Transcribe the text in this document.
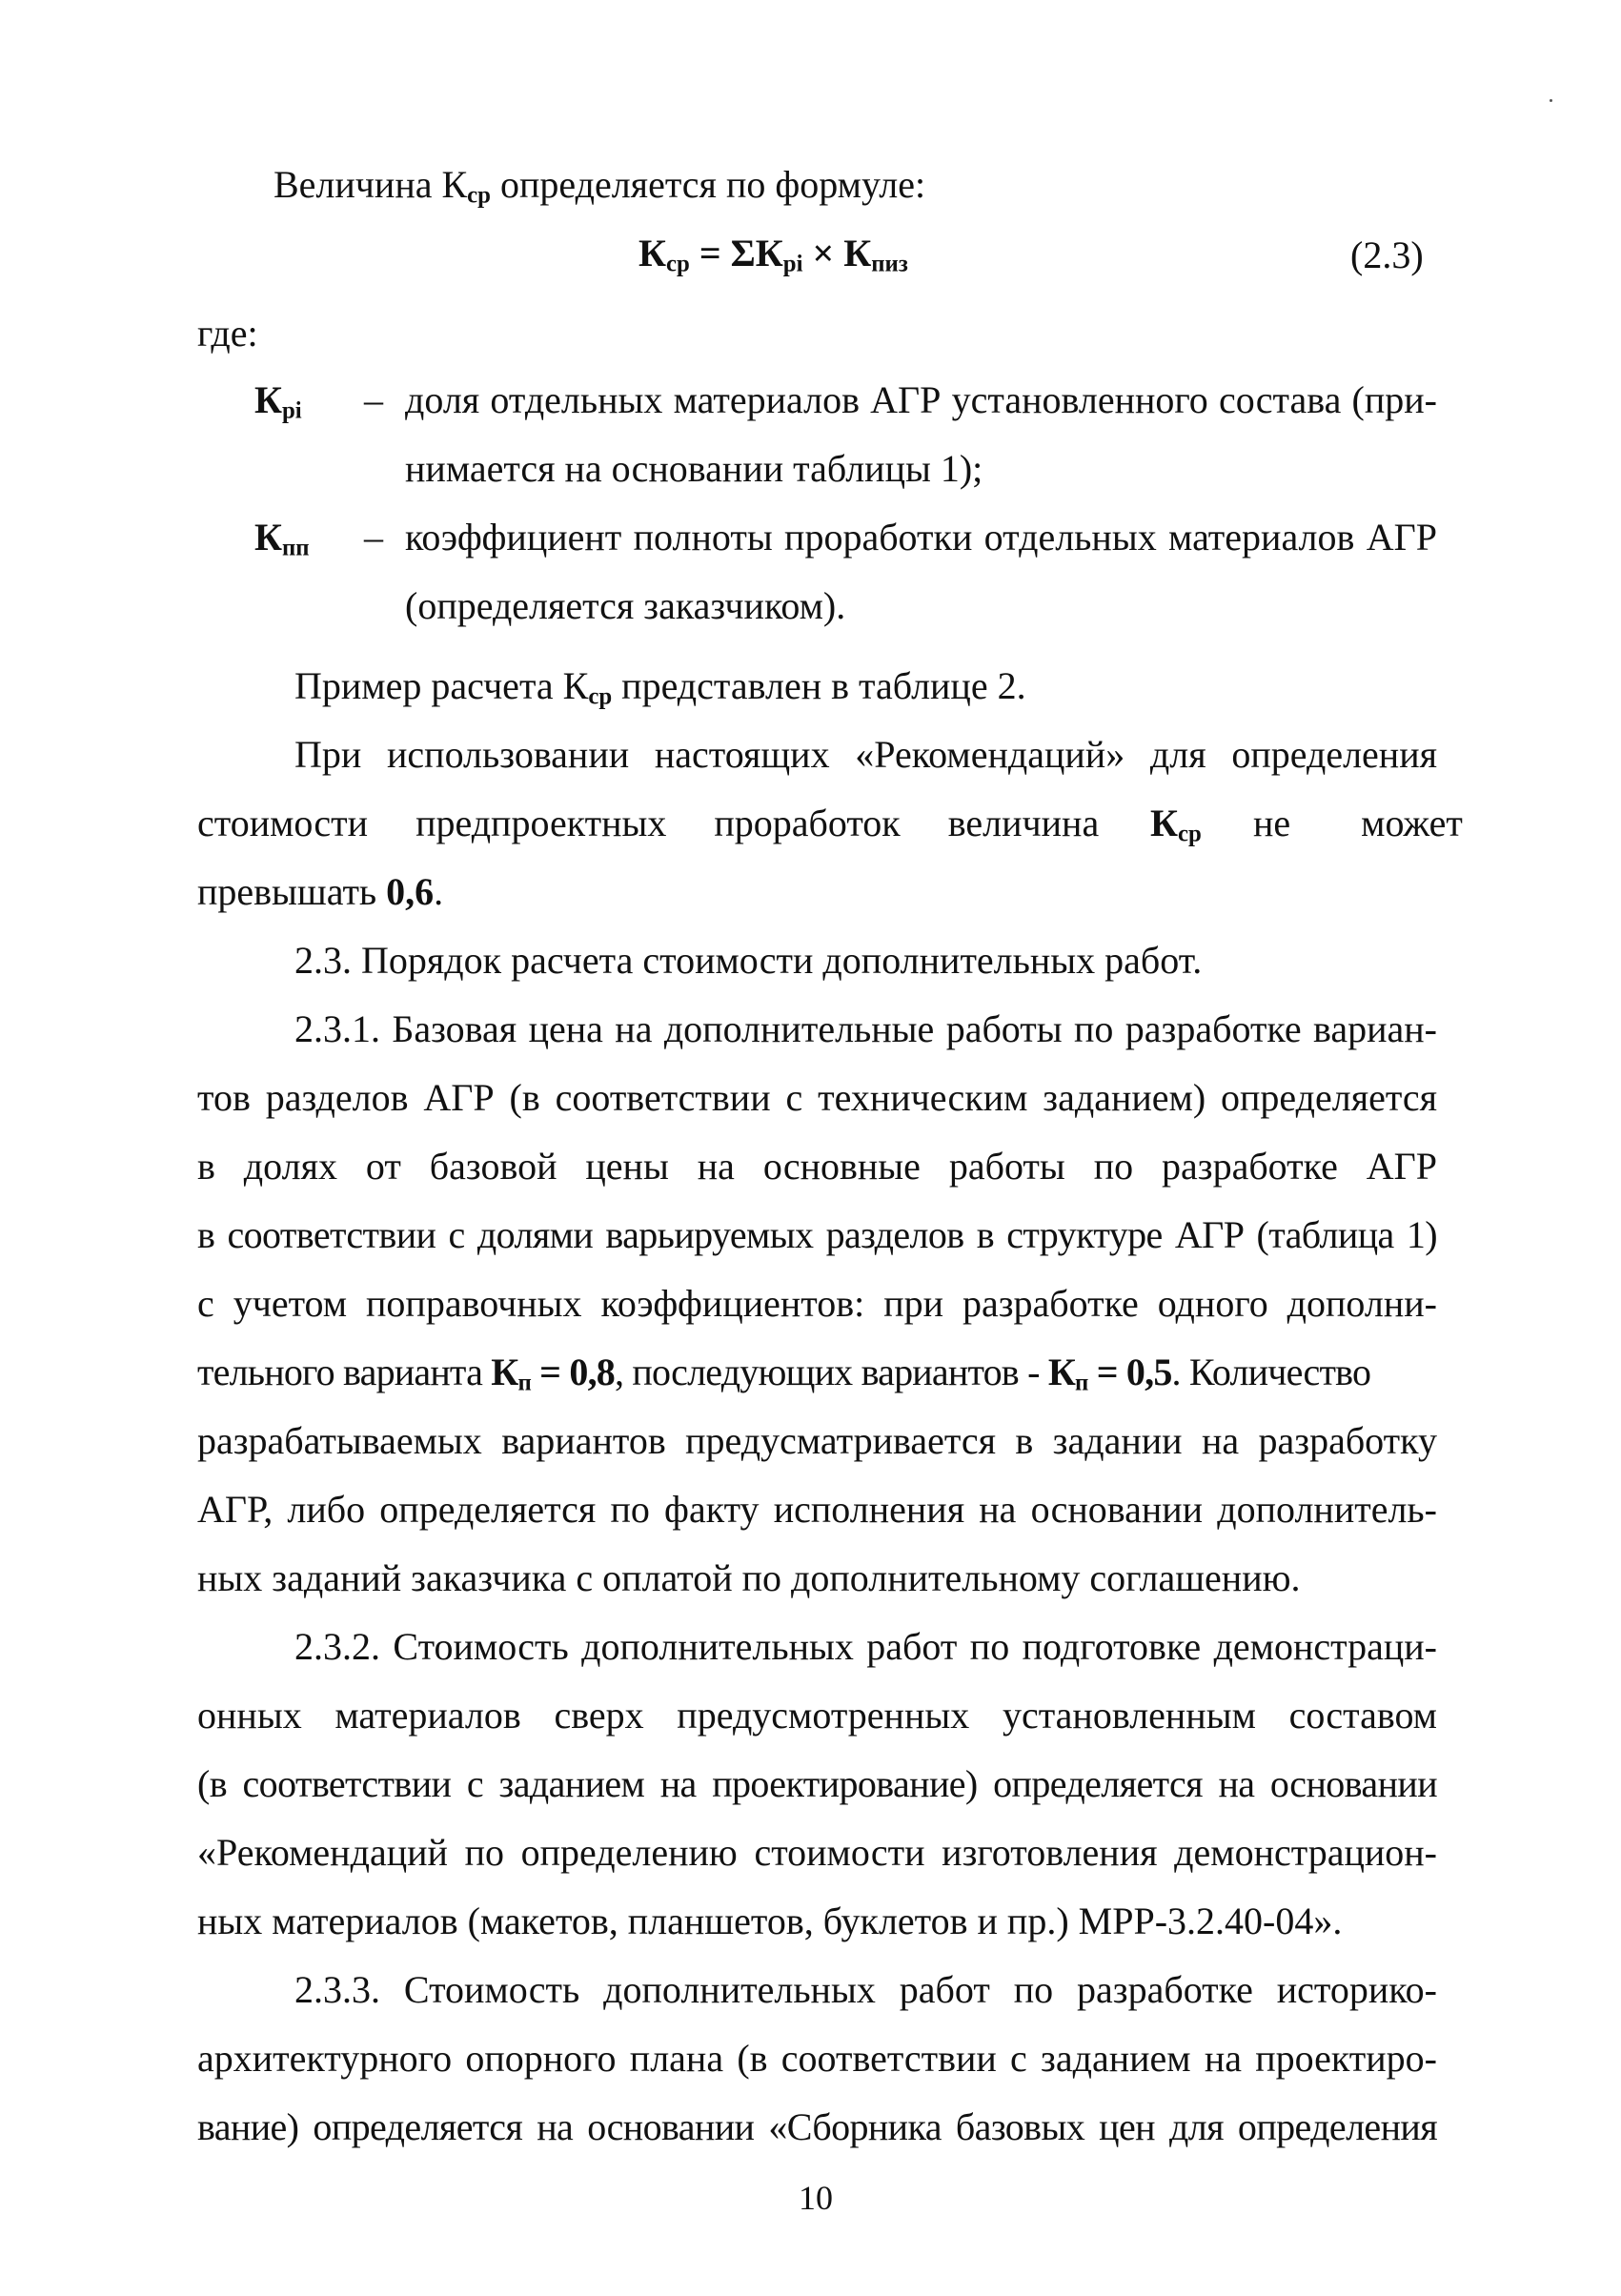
Величина $К_{ср}$ определяется по формуле:
$К_{ср} = \Sigma К_{pi} \times К_{пиз}$	(2.3)
где:
$К_{pi}$ – доля отдельных материалов АГР установленного состава (при-
нимается на основании таблицы 1);
$К_{пп}$ – коэффициент полноты проработки отдельных материалов АГР
(определяется заказчиком).
Пример расчета $К_{ср}$ представлен в таблице 2.
При использовании настоящих «Рекомендаций» для определения
стоимости предпроектных проработок величина $К_{ср}$ не может
превышать 0,6.
2.3. Порядок расчета стоимости дополнительных работ.
2.3.1. Базовая цена на дополнительные работы по разработке вариан-
тов разделов АГР (в соответствии с техническим заданием) определяется
в долях от базовой цены на основные работы по разработке АГР
в соответствии с долями варьируемых разделов в структуре АГР (таблица 1)
с учетом поправочных коэффициентов: при разработке одного дополни-
тельного варианта $К_п = 0,8$, последующих вариантов - $К_п = 0,5$. Количество
разрабатываемых вариантов предусматривается в задании на разработку
АГР, либо определяется по факту исполнения на основании дополнитель-
ных заданий заказчика с оплатой по дополнительному соглашению.
2.3.2. Стоимость дополнительных работ по подготовке демонстраци-
онных материалов сверх предусмотренных установленным составом
(в соответствии с заданием на проектирование) определяется на основании
«Рекомендаций по определению стоимости изготовления демонстрацион-
ных материалов (макетов, планшетов, буклетов и пр.) МРР-3.2.40-04».
2.3.3. Стоимость дополнительных работ по разработке историко-
архитектурного опорного плана (в соответствии с заданием на проектиро-
вание) определяется на основании «Сборника базовых цен для определения
10
